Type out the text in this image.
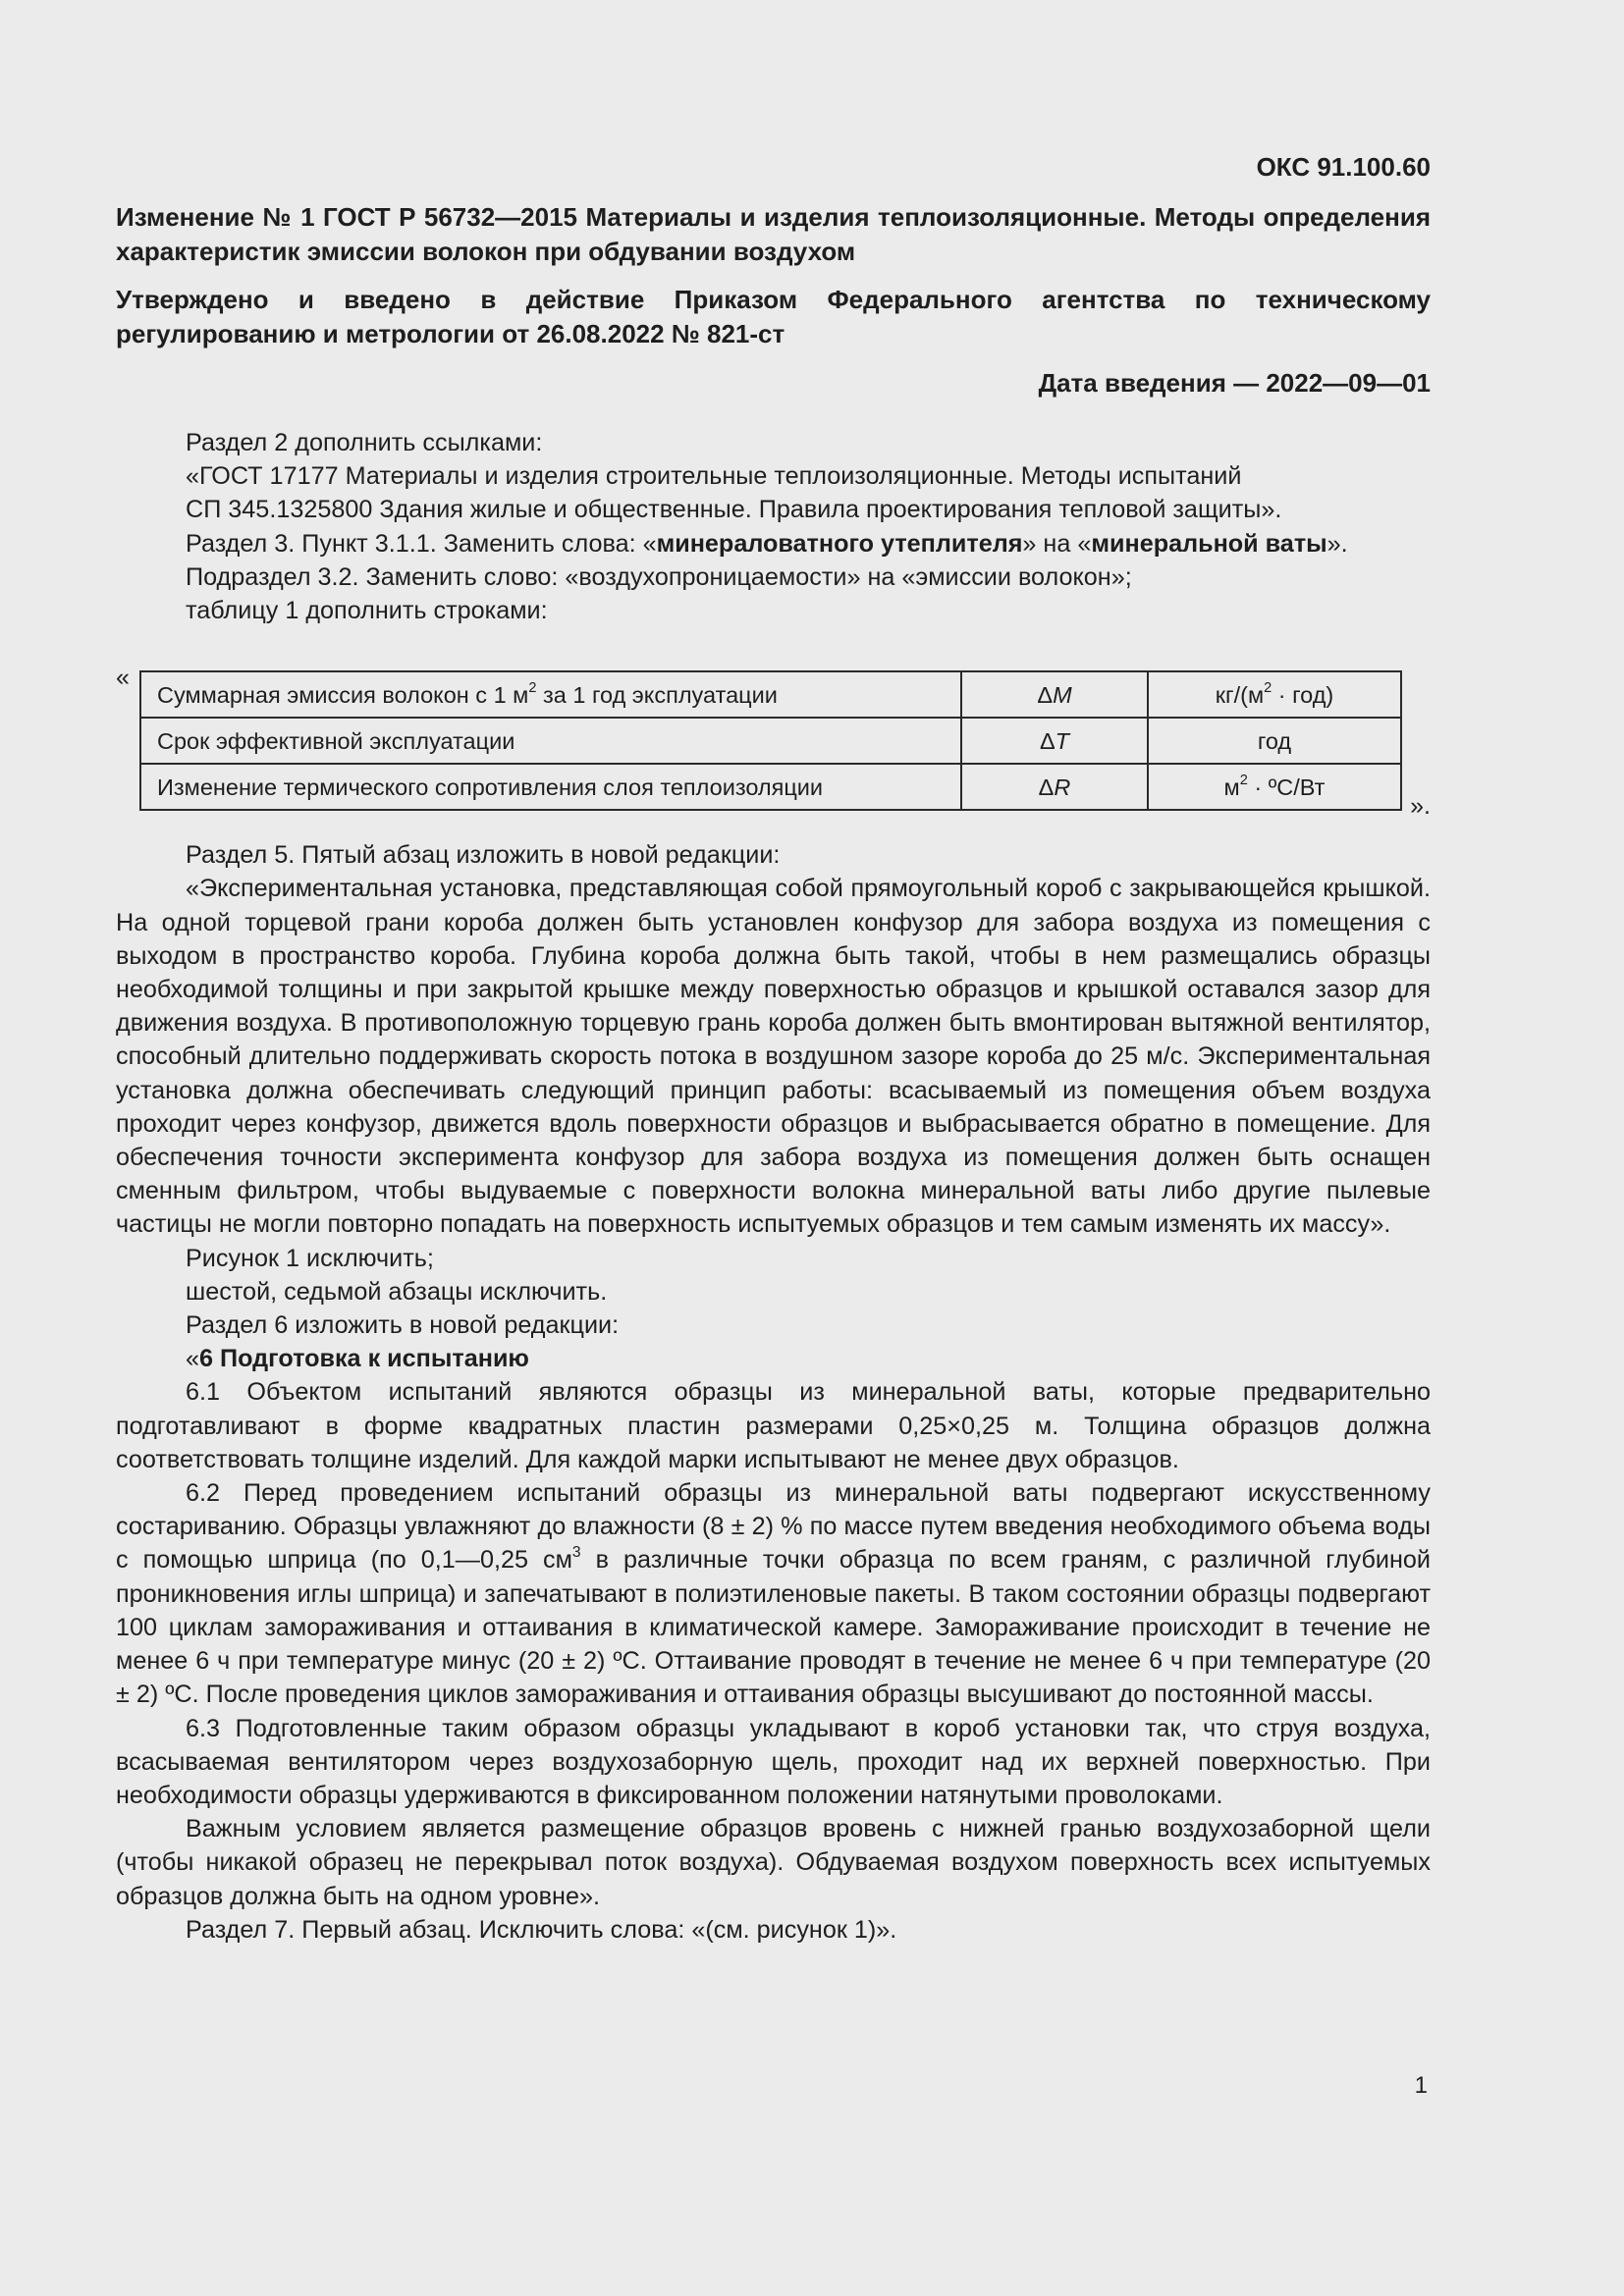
ОКС 91.100.60
Изменение № 1 ГОСТ Р 56732—2015 Материалы и изделия теплоизоляционные. Методы определения характеристик эмиссии волокон при обдувании воздухом
Утверждено и введено в действие Приказом Федерального агентства по техническому регулированию и метрологии от 26.08.2022 № 821-ст
Дата введения — 2022—09—01

Раздел 2 дополнить ссылками:

«ГОСТ 17177 Материалы и изделия строительные теплоизоляционные. Методы испытаний

СП 345.1325800 Здания жилые и общественные. Правила проектирования тепловой защиты».

Раздел 3. Пункт 3.1.1. Заменить слова: «минераловатного утеплителя» на «минеральной ваты».

Подраздел 3.2. Заменить слово: «воздухопроницаемости» на «эмиссии волокон»;

таблицу 1 дополнить строками:

«
Суммарная эмиссия волокон с 1 $м^2$ за 1 год эксплуатации	ΔM	$кг/(м^2 \cdot год)$
Срок эффективной эксплуатации	ΔT	год
Изменение термического сопротивления слоя теплоизоляции	ΔR	$м^2$ · ºС/Вт
».

Раздел 5. Пятый абзац изложить в новой редакции:

«Экспериментальная установка, представляющая собой прямоугольный короб с закрывающейся крышкой. На одной торцевой грани короба должен быть установлен конфузор для забора воздуха из помещения с выходом в пространство короба. Глубина короба должна быть такой, чтобы в нем размещались образцы необходимой толщины и при закрытой крышке между поверхностью образцов и крышкой оставался зазор для движения воздуха. В противоположную торцевую грань короба должен быть вмонтирован вытяжной вентилятор, способный длительно поддерживать скорость потока в воздушном зазоре короба до 25 м/с. Экспериментальная установка должна обеспечивать следующий принцип работы: всасываемый из помещения объем воздуха проходит через конфузор, движется вдоль поверхности образцов и выбрасывается обратно в помещение. Для обеспечения точности эксперимента конфузор для забора воздуха из помещения должен быть оснащен сменным фильтром, чтобы выдуваемые с поверхности волокна минеральной ваты либо другие пылевые частицы не могли повторно попадать на поверхность испытуемых образцов и тем самым изменять их массу».

Рисунок 1 исключить;

шестой, седьмой абзацы исключить.

Раздел 6 изложить в новой редакции:

«6 Подготовка к испытанию

6.1 Объектом испытаний являются образцы из минеральной ваты, которые предварительно подготавливают в форме квадратных пластин размерами 0,25×0,25 м. Толщина образцов должна соответствовать толщине изделий. Для каждой марки испытывают не менее двух образцов.

6.2 Перед проведением испытаний образцы из минеральной ваты подвергают искусственному состариванию. Образцы увлажняют до влажности (8 ± 2) % по массе путем введения необходимого объема воды с помощью шприца (по 0,1—0,25 $см^3$ в различные точки образца по всем граням, с различной глубиной проникновения иглы шприца) и запечатывают в полиэтиленовые пакеты. В таком состоянии образцы подвергают 100 циклам замораживания и оттаивания в климатической камере. Замораживание происходит в течение не менее 6 ч при температуре минус (20 ± 2) ºС. Оттаивание проводят в течение не менее 6 ч при температуре (20 ± 2) ºС. После проведения циклов замораживания и оттаивания образцы высушивают до постоянной массы.

6.3 Подготовленные таким образом образцы укладывают в короб установки так, что струя воздуха, всасываемая вентилятором через воздухозаборную щель, проходит над их верхней поверхностью. При необходимости образцы удерживаются в фиксированном положении натянутыми проволоками.

Важным условием является размещение образцов вровень с нижней гранью воздухозаборной щели (чтобы никакой образец не перекрывал поток воздуха). Обдуваемая воздухом поверхность всех испытуемых образцов должна быть на одном уровне».

Раздел 7. Первый абзац. Исключить слова: «(см. рисунок 1)».

1
